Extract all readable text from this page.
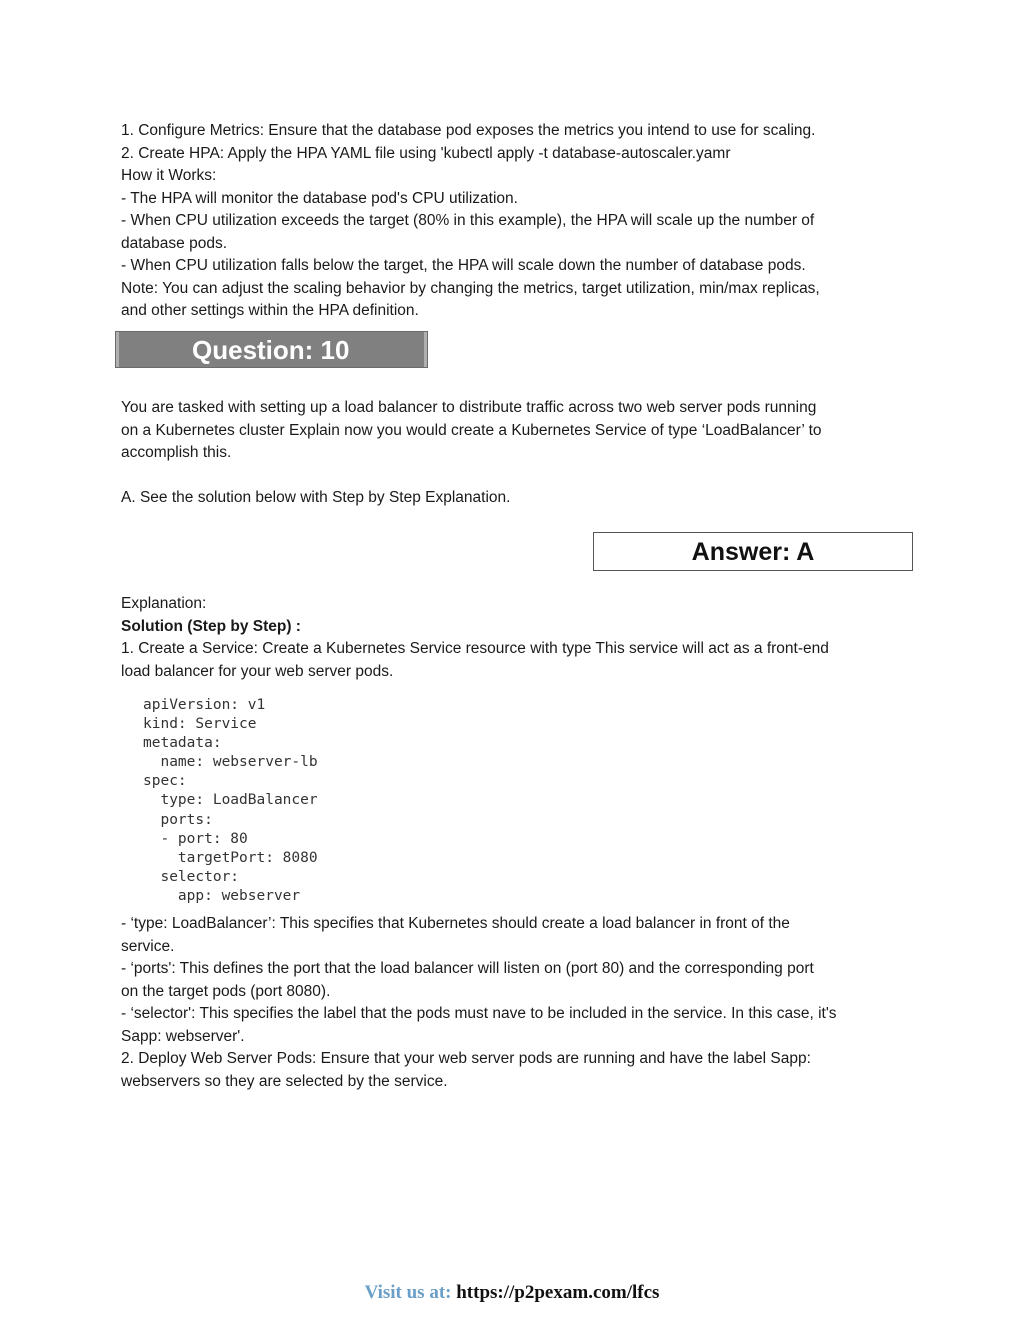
1. Configure Metrics: Ensure that the database pod exposes the metrics you intend to use for scaling.
2. Create HPA: Apply the HPA YAML file using 'kubectl apply -t database-autoscaler.yamr
How it Works:
- The HPA will monitor the database pod's CPU utilization.
- When CPU utilization exceeds the target (80% in this example), the HPA will scale up the number of
database pods.
- When CPU utilization falls below the target, the HPA will scale down the number of database pods.
Note: You can adjust the scaling behavior by changing the metrics, target utilization, min/max replicas,
and other settings within the HPA definition.
Question: 10
You are tasked with setting up a load balancer to distribute traffic across two web server pods running
on a Kubernetes cluster Explain now you would create a Kubernetes Service of type ‘LoadBalancer’ to
accomplish this.

A. See the solution below with Step by Step Explanation.
Answer: A
Explanation:
Solution (Step by Step) :
1. Create a Service: Create a Kubernetes Service resource with type This service will act as a front-end
load balancer for your web server pods.
apiVersion: v1
kind: Service
metadata:
name: webserver-lb
spec:
type: LoadBalancer
ports:
- port: 80
targetPort: 8080
selector:
app: webserver
- ‘type: LoadBalancer’: This specifies that Kubernetes should create a load balancer in front of the
service.
- ‘ports': This defines the port that the load balancer will listen on (port 80) and the corresponding port
on the target pods (port 8080).
- ‘selector': This specifies the label that the pods must nave to be included in the service. In this case, it's
Sapp: webserver'.
2. Deploy Web Server Pods: Ensure that your web server pods are running and have the label Sapp:
webservers so they are selected by the service.
Visit us at: https://p2pexam.com/lfcs
